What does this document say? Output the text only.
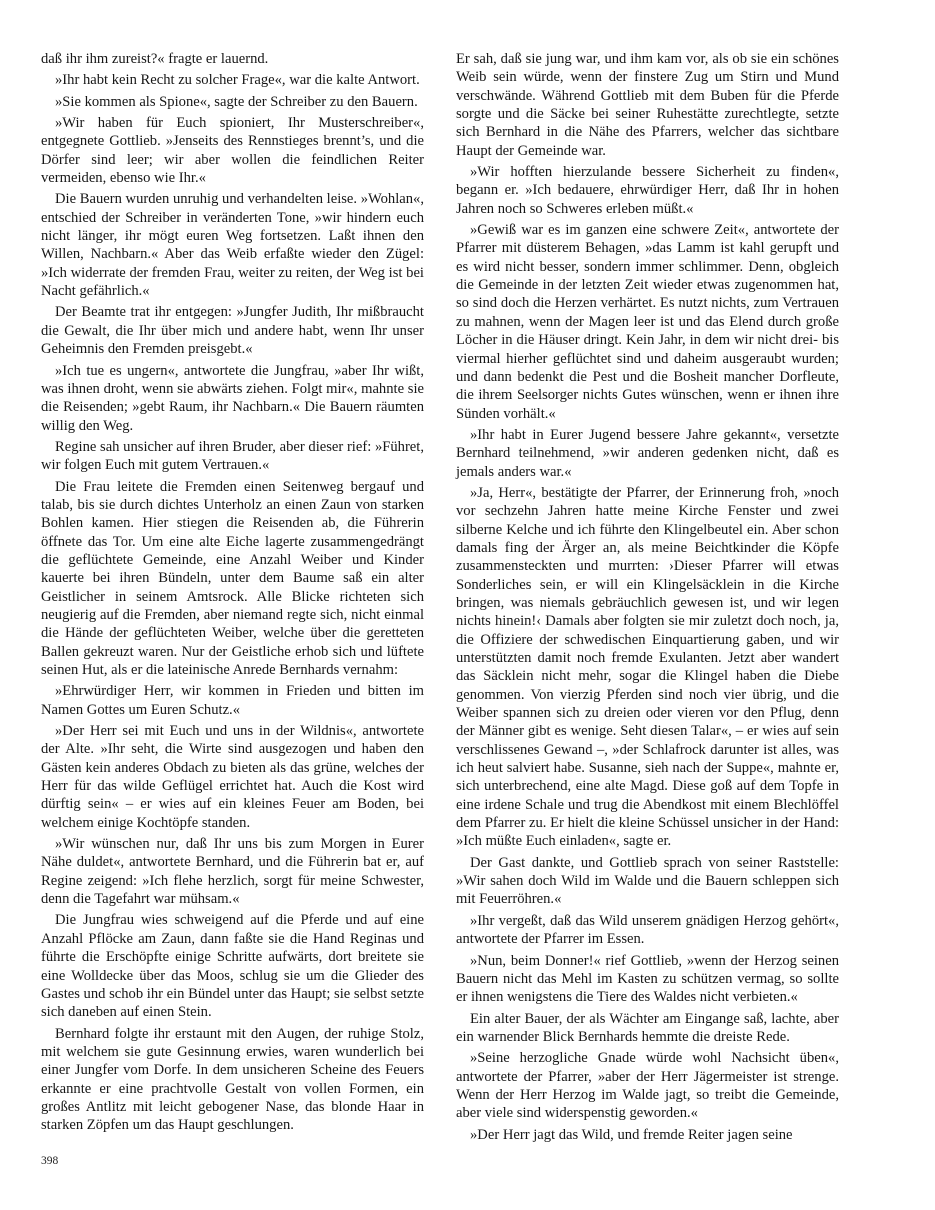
daß ihr ihm zureist?« fragte er lauernd.

»Ihr habt kein Recht zu solcher Frage«, war die kalte Antwort.

»Sie kommen als Spione«, sagte der Schreiber zu den Bauern.

»Wir haben für Euch spioniert, Ihr Musterschreiber«, entgegnete Gottlieb. »Jenseits des Rennstieges brennt’s, und die Dörfer sind leer; wir aber wollen die feindlichen Reiter vermeiden, ebenso wie Ihr.«

Die Bauern wurden unruhig und verhandelten leise. »Wohlan«, entschied der Schreiber in veränderten Tone, »wir hindern euch nicht länger, ihr mögt euren Weg fortsetzen. Laßt ihnen den Willen, Nachbarn.« Aber das Weib erfaßte wieder den Zügel: »Ich widerrate der fremden Frau, weiter zu reiten, der Weg ist bei Nacht gefährlich.«

Der Beamte trat ihr entgegen: »Jungfer Judith, Ihr mißbraucht die Gewalt, die Ihr über mich und andere habt, wenn Ihr unser Geheimnis den Fremden preisgebt.«

»Ich tue es ungern«, antwortete die Jungfrau, »aber Ihr wißt, was ihnen droht, wenn sie abwärts ziehen. Folgt mir«, mahnte sie die Reisenden; »gebt Raum, ihr Nachbarn.« Die Bauern räumten willig den Weg.

Regine sah unsicher auf ihren Bruder, aber dieser rief: »Führet, wir folgen Euch mit gutem Vertrauen.«

Die Frau leitete die Fremden einen Seitenweg bergauf und talab, bis sie durch dichtes Unterholz an einen Zaun von starken Bohlen kamen. Hier stiegen die Reisenden ab, die Führerin öffnete das Tor. Um eine alte Eiche lagerte zusammengedrängt die geflüchtete Gemeinde, eine Anzahl Weiber und Kinder kauerte bei ihren Bündeln, unter dem Baume saß ein alter Geistlicher in seinem Amtsrock. Alle Blicke richteten sich neugierig auf die Fremden, aber niemand regte sich, nicht einmal die Hände der geflüchteten Weiber, welche über die geretteten Ballen gekreuzt waren. Nur der Geistliche erhob sich und lüftete seinen Hut, als er die lateinische Anrede Bernhards vernahm:

»Ehrwürdiger Herr, wir kommen in Frieden und bitten im Namen Gottes um Euren Schutz.«

»Der Herr sei mit Euch und uns in der Wildnis«, antwortete der Alte. »Ihr seht, die Wirte sind ausgezogen und haben den Gästen kein anderes Obdach zu bieten als das grüne, welches der Herr für das wilde Geflügel errichtet hat. Auch die Kost wird dürftig sein« – er wies auf ein kleines Feuer am Boden, bei welchem einige Kochtöpfe standen.

»Wir wünschen nur, daß Ihr uns bis zum Morgen in Eurer Nähe duldet«, antwortete Bernhard, und die Führerin bat er, auf Regine zeigend: »Ich flehe herzlich, sorgt für meine Schwester, denn die Tagefahrt war mühsam.«

Die Jungfrau wies schweigend auf die Pferde und auf eine Anzahl Pflöcke am Zaun, dann faßte sie die Hand Reginas und führte die Erschöpfte einige Schritte aufwärts, dort breitete sie eine Wolldecke über das Moos, schlug sie um die Glieder des Gastes und schob ihr ein Bündel unter das Haupt; sie selbst setzte sich daneben auf einen Stein.

Bernhard folgte ihr erstaunt mit den Augen, der ruhige Stolz, mit welchem sie gute Gesinnung erwies, waren wunderlich bei einer Jungfer vom Dorfe. In dem unsicheren Scheine des Feuers erkannte er eine prachtvolle Gestalt von vollen Formen, ein großes Antlitz mit leicht gebogener Nase, das blonde Haar in starken Zöpfen um das Haupt geschlungen.

Er sah, daß sie jung war, und ihm kam vor, als ob sie ein schönes Weib sein würde, wenn der finstere Zug um Stirn und Mund verschwände. Während Gottlieb mit dem Buben für die Pferde sorgte und die Säcke bei seiner Ruhestätte zurechtlegte, setzte sich Bernhard in die Nähe des Pfarrers, welcher das sichtbare Haupt der Gemeinde war.

»Wir hofften hierzulande bessere Sicherheit zu finden«, begann er. »Ich bedauere, ehrwürdiger Herr, daß Ihr in hohen Jahren noch so Schweres erleben müßt.«

»Gewiß war es im ganzen eine schwere Zeit«, antwortete der Pfarrer mit düsterem Behagen, »das Lamm ist kahl gerupft und es wird nicht besser, sondern immer schlimmer. Denn, obgleich die Gemeinde in der letzten Zeit wieder etwas zugenommen hat, so sind doch die Herzen verhärtet. Es nutzt nichts, zum Vertrauen zu mahnen, wenn der Magen leer ist und das Elend durch große Löcher in die Häuser dringt. Kein Jahr, in dem wir nicht drei- bis viermal hierher geflüchtet sind und daheim ausgeraubt wurden; und dann bedenkt die Pest und die Bosheit mancher Dorfleute, die ihrem Seelsorger nichts Gutes wünschen, wenn er ihnen ihre Sünden vorhält.«

»Ihr habt in Eurer Jugend bessere Jahre gekannt«, versetzte Bernhard teilnehmend, »wir anderen gedenken nicht, daß es jemals anders war.«

»Ja, Herr«, bestätigte der Pfarrer, der Erinnerung froh, »noch vor sechzehn Jahren hatte meine Kirche Fenster und zwei silberne Kelche und ich führte den Klingelbeutel ein. Aber schon damals fing der Ärger an, als meine Beichtkinder die Köpfe zusammensteckten und murrten: ›Dieser Pfarrer will etwas Sonderliches sein, er will ein Klingelsäcklein in die Kirche bringen, was niemals gebräuchlich gewesen ist, und wir legen nichts hinein!‹ Damals aber folgten sie mir zuletzt doch noch, ja, die Offiziere der schwedischen Einquartierung gaben, und wir unterstützten damit noch fremde Exulanten. Jetzt aber wandert das Säcklein nicht mehr, sogar die Klingel haben die Diebe genommen. Von vierzig Pferden sind noch vier übrig, und die Weiber spannen sich zu dreien oder vieren vor den Pflug, denn der Männer gibt es wenige. Seht diesen Talar«, – er wies auf sein verschlissenes Gewand –, »der Schlafrock darunter ist alles, was ich heut salviert habe. Susanne, sieh nach der Suppe«, mahnte er, sich unterbrechend, eine alte Magd. Diese goß auf dem Topfe in eine irdene Schale und trug die Abendkost mit einem Blechlöffel dem Pfarrer zu. Er hielt die kleine Schüssel unsicher in der Hand: »Ich müßte Euch einladen«, sagte er.

Der Gast dankte, und Gottlieb sprach von seiner Raststelle: »Wir sahen doch Wild im Walde und die Bauern schleppen sich mit Feuerröhren.«

»Ihr vergeßt, daß das Wild unserem gnädigen Herzog gehört«, antwortete der Pfarrer im Essen.

»Nun, beim Donner!« rief Gottlieb, »wenn der Herzog seinen Bauern nicht das Mehl im Kasten zu schützen vermag, so sollte er ihnen wenigstens die Tiere des Waldes nicht verbieten.«

Ein alter Bauer, der als Wächter am Eingange saß, lachte, aber ein warnender Blick Bernhards hemmte die dreiste Rede.

»Seine herzogliche Gnade würde wohl Nachsicht üben«, antwortete der Pfarrer, »aber der Herr Jägermeister ist strenge. Wenn der Herr Herzog im Walde jagt, so treibt die Gemeinde, aber viele sind widerspenstig geworden.«

»Der Herr jagt das Wild, und fremde Reiter jagen seine

398
